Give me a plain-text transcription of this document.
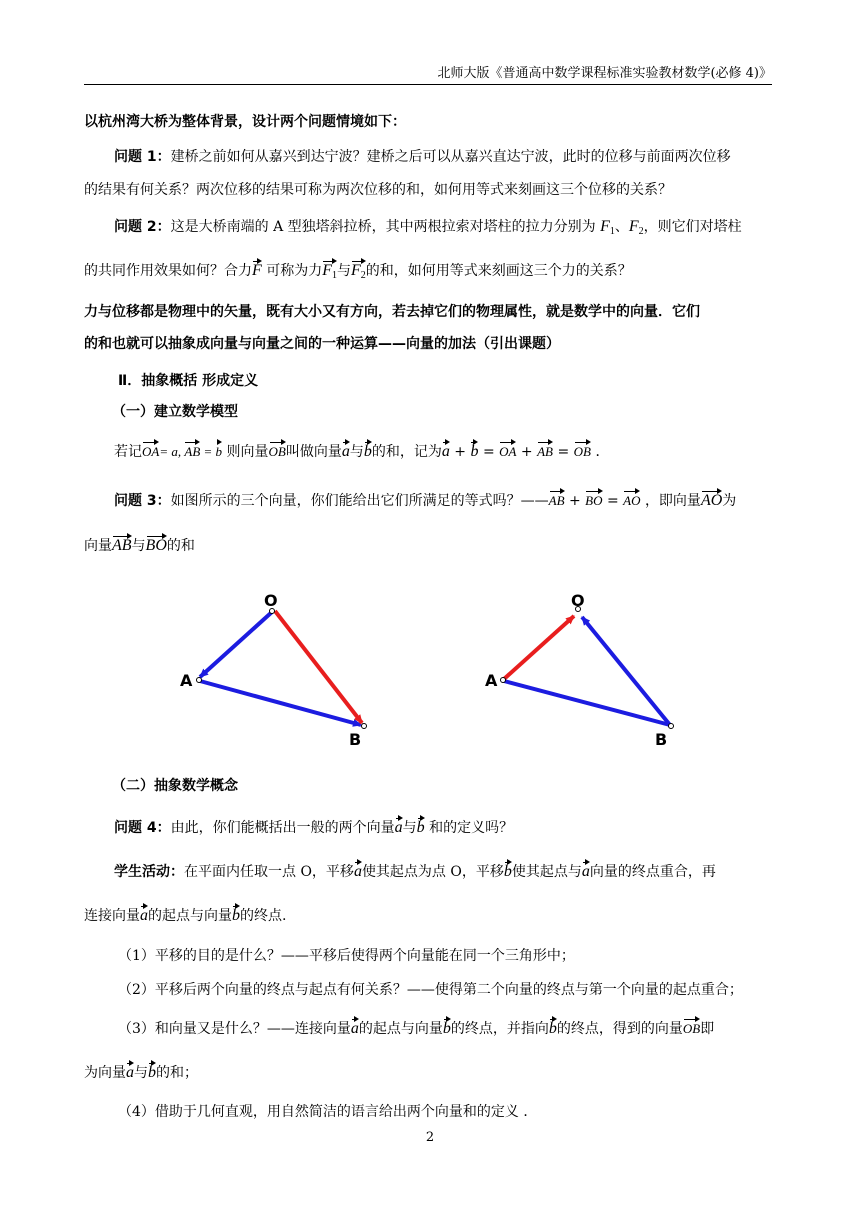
北师大版《普通高中数学课程标准实验教材数学(必修 4)》
以杭州湾大桥为整体背景，设计两个问题情境如下：
问题 1：建桥之前如何从嘉兴到达宁波？建桥之后可以从嘉兴直达宁波，此时的位移与前面两次位移
的结果有何关系？两次位移的结果可称为两次位移的和，如何用等式来刻画这三个位移的关系？
问题 2：这是大桥南端的 A 型独塔斜拉桥，其中两根拉索对塔柱的拉力分别为 $F_1$、$F_2$，则它们对塔柱
的共同作用效果如何？合力F 可称为力$F_1$与$F_2$的和，如何用等式来刻画这三个力的关系？
力与位移都是物理中的矢量，既有大小又有方向，若去掉它们的物理属性，就是数学中的向量．它们
的和也就可以抽象成向量与向量之间的一种运算——向量的加法（引出课题）
Ⅱ．抽象概括 形成定义
（一）建立数学模型
若记OA= a, AB = b 则向量OB叫做向量a与b的和，记为a + b = OA + AB = OB ．
问题 3：如图所示的三个向量，你们能给出它们所满足的等式吗？——AB + BO = AO ，即向量AO为
向量AB与BO的和
O
A
B
O
A
B
（二）抽象数学概念
问题 4：由此，你们能概括出一般的两个向量a与b 和的定义吗？
学生活动：在平面内任取一点 O，平移a使其起点为点 O，平移b使其起点与a向量的终点重合，再
连接向量a的起点与向量b的终点.
（1）平移的目的是什么？——平移后使得两个向量能在同一个三角形中；
（2）平移后两个向量的终点与起点有何关系？——使得第二个向量的终点与第一个向量的起点重合；
（3）和向量又是什么？——连接向量a的起点与向量b的终点，并指向b的终点，得到的向量OB即
为向量a与b的和；
（4）借助于几何直观，用自然简洁的语言给出两个向量和的定义 ．
2
